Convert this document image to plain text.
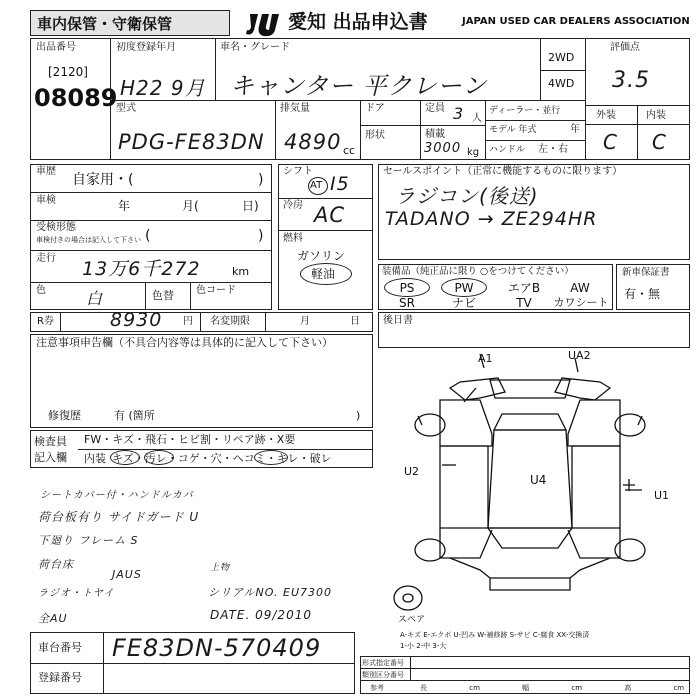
車内保管・守衛保管	愛知 出品申込書	JAPAN USED CAR DEALERS ASSOCIATION
出品番号
[2120]
08089
初度登録年月
H22 9月
車名・グレード
キャンター 平クレーン
2WD
4WD
評価点
3.5
外装	内装
C C
型式
PDG-FE83DN
排気量
4890 cc
ドア	定員 3 人
形状	積載
3000 kg
ディーラー・並行
モデル 年式	年
ハンドル 左・右
車歴
自家用・(	)
車検	年	月(	日)
受検形態
車検付きの場合は記入して下さい (	)
走行 13万6千272	km
色	白	色替 色コード
シフト
AT I5
冷房 AC
燃料
ガソリン
軽油
セールスポイント（正常に機能するものに限ります）
ラジコン(後送)
TADANO → ZE294HR
装備品（純正品に限り ○をつけてください）
PS	PW	エアB	AW
SR	ナビ	TV	カワシート
新車保証書
有・無
R券	8930 円 名変期限	月	日 後日書
注意事項申告欄（不具合内容等は具体的に記入して下さい）
修復歴	有 (箇所	)
検査員
記入欄
FW・キズ・飛石・ヒビ割・リペア跡・X要
内装 キズ・汚レ・コゲ・穴・ヘコミ・キレ・破レ
シートカバー付・ハンドルカバ
荷台板有り サイドガード U
下廻り フレーム S
荷台床
JAUS	上物
ラジオ・トヤイ	シリアルNO. EU7300
全AU	DATE. 09/2010
A1	UA2
U2
U4
U1
スペア
A-キズ E-エクボ U-凹み W-補修跡 S-サビ C-腐食 XX-交換済
1-小 2-中 3-大
車台番号 FE83DN-570409
登録番号
形式指定番号
類別区分番号
参考	長 cm 幅 cm 高 cm
